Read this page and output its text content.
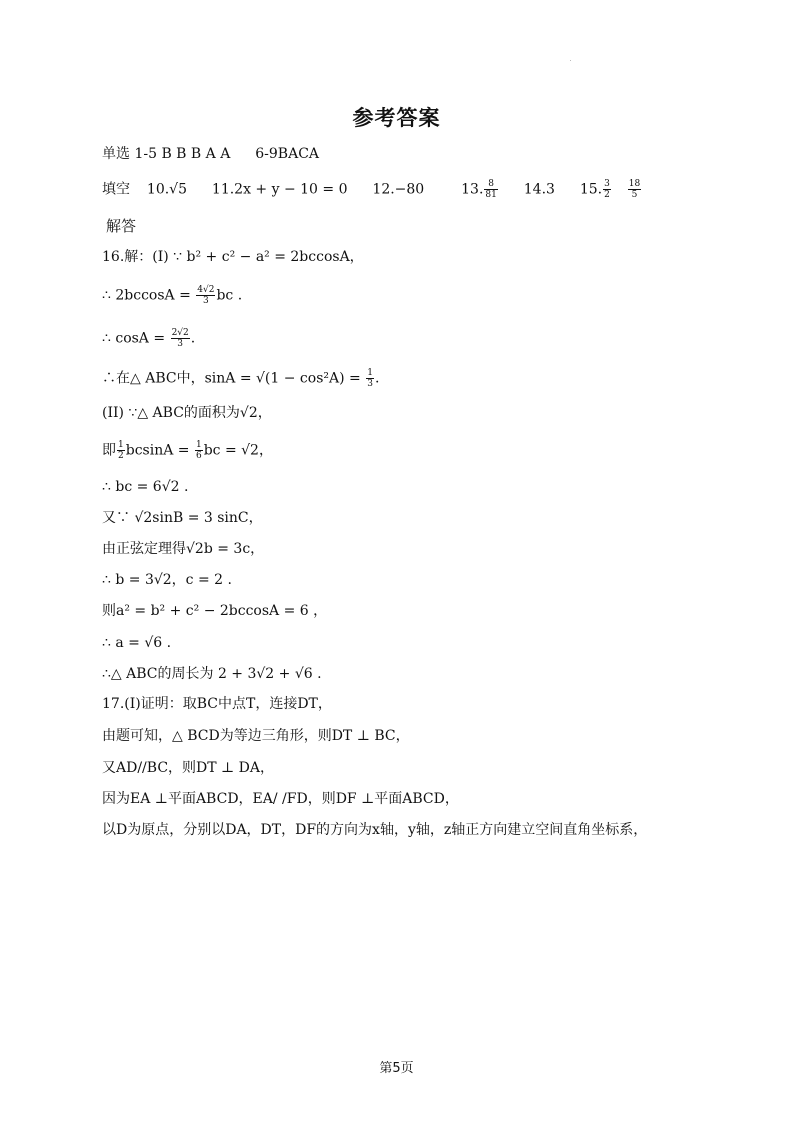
参考答案
单选 1-5 B B B A A 6-9BACA
填空 10.√5 11.2x + y − 10 = 0 12.−80	13. $\frac{8}{81} 14.3$ 15. $\frac{3}{2}$
$\frac{18}{5}$
解答
16.解：(I) ∵ b² + c² − a² = 2bccosA，
∴ $2bccosA = \frac{4√2}{3}$ bc .
∴ $\cos A = \frac{2√2}{3}$ .
∴在△ ABC中，$\sin A = √(1 - \cos^2A) = \frac{1}{3}$ .
(II) ∵△ ABC的面积为√2，
即 $\frac{1}{2}$ $bcsinA = \frac{1}{6}$ bc = √2，
∴ bc = 6√2 .
又∵ √2sinB = 3 sinC，
由正弦定理得√2b = 3c，
∴ b = 3√2，c = 2 .
则a² = b² + c² − 2bccosA = 6 ，
∴ a = √6 .
∴△ ABC的周长为 2 + 3√2 + √6 .
17.(I)证明：取BC中点T，连接DT，
由题可知，△ BCD为等边三角形，则DT ⊥ BC，
又AD//BC，则DT ⊥ DA，
因为EA ⊥平面ABCD，EA/ /FD，则DF ⊥平面ABCD，
以D为原点，分别以DA，DT，DF的方向为x轴，y轴，z轴正方向建立空间直角坐标系，
第5页
